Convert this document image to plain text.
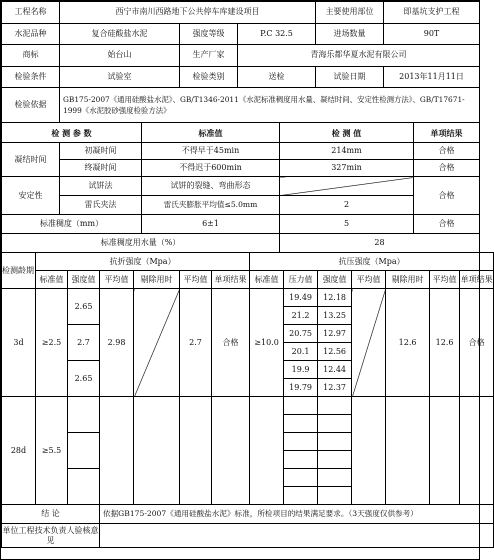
工程名称	西宁市南川西路地下公共停车库建设项目			主要使用部位	即基坑支护工程
水泥品种	复合硅酸盐水泥	强度等级	P.C 32.5	进场数量	90T
商标	始台山	生产厂家	青海乐都华夏水泥有限公司		
检验条件	试验室	检验类别	送检	试验日期	2013年11月11日
检验依据	GB175-2007《通用硅酸盐水泥》、GB/T1346-2011《水泥标准稠度用水量、凝结时间、安定性检测方法》、GB/T17671-1999《水泥胶砂强度检验方法》				
检 测 参 数		标准值	检 测 值	单项结果
凝结时间	初凝时间	不得早于45min	214mm	合格
	终凝时间	不得迟于600min	327min	合格
安定性	试饼法	试饼的裂缝、弯曲形态		合格
	雷氏夹法	雷氏夹膨胀平均值≤5.0mm	2	
标准稠度（mm）		6±1	5	合格
标准稠度用水量（%）			28	
检测龄期	抗折强度（Mpa）						抗压强度（Mpa）						
	标准值	强度值	平均值	剔除用时	平均值	单项结果	标准值	压力值	强度值	平均值	剔除用时	平均值	单项结果
3d	≥2.5	2.65	2.98		2.7	合格	≥10.0	19.49	12.18		12.6	12.6	合格
								21.2	13.25				
		2.7						20.75	12.97				
								20.1	12.56				
		2.65						19.9	12.44				
								19.79	12.37				
28d	≥5.5												

结 论			依据GB175-2007《通用硅酸盐水泥》标准，所检项目的结果满足要求。（3天强度仅供参考）										
单位工程技术负责人验核意见													
